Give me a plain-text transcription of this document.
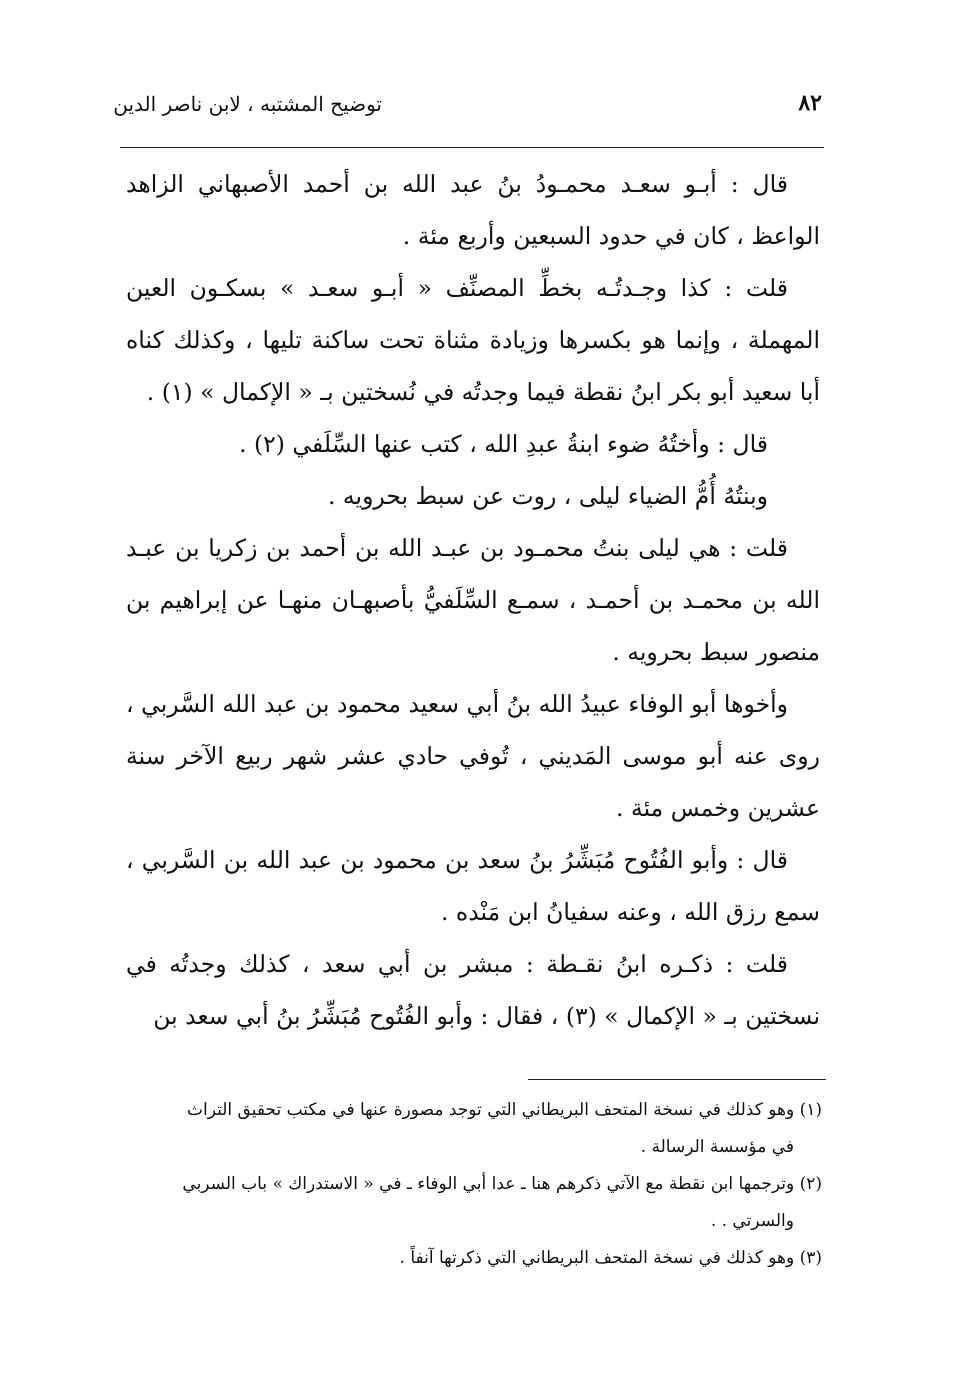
توضيح المشتبه ، لابن ناصر الدين	٨٢

قال : أبـو سعـد محمـودُ بنُ عبد الله بن أحمد الأصبهاني الزاهد الواعظ ، كان في حدود السبعين وأربع مئة .

قلت : كذا وجـدتُـه بخطِّ المصنِّف « أبـو سعـد » بسكـون العين المهملة ، وإنما هو بكسرها وزيادة مثناة تحت ساكنة تليها ، وكذلك كناه أبا سعيد أبو بكر ابنُ نقطة فيما وجدتُه في نُسختين بـ « الإكمال » (١) .

قال : وأختُهُ ضوء ابنةُ عبدِ الله ، كتب عنها السِّلَفي (٢) .

وبنتُهُ أُمُّ الضياء ليلى ، روت عن سبط بحرويه .

قلت : هي ليلى بنتُ محمـود بن عبـد الله بن أحمد بن زكريا بن عبـد الله بن محمـد بن أحمـد ، سمـع السِّلَفيُّ بأصبهـان منهـا عن إبراهيم بن منصور سبط بحرويه .

وأخوها أبو الوفاء عبيدُ الله بنُ أبي سعيد محمود بن عبد الله السَّربي ، روى عنه أبو موسى المَديني ، تُوفي حادي عشر شهر ربيع الآخر سنة عشرين وخمس مئة .

قال : وأبو الفُتُوح مُبَشِّرُ بنُ سعد بن محمود بن عبد الله بن السَّربي ، سمع رزق الله ، وعنه سفيانُ ابن مَنْده .

قلت : ذكـره ابنُ نقـطة : مبشر بن أبي سعد ، كذلك وجدتُه في نسختين بـ « الإكمال » (٣) ، فقال : وأبو الفُتُوح مُبَشِّرُ بنُ أبي سعد بن

(١) وهو كذلك في نسخة المتحف البريطاني التي توجد مصورة عنها في مكتب تحقيق التراث

في مؤسسة الرسالة .

(٢) وترجمها ابن نقطة مع الآتي ذكرهم هنا ـ عدا أبي الوفاء ـ في « الاستدراك » باب السربي

والسرتي . .

(٣) وهو كذلك في نسخة المتحف البريطاني التي ذكرتها آنفاً .
